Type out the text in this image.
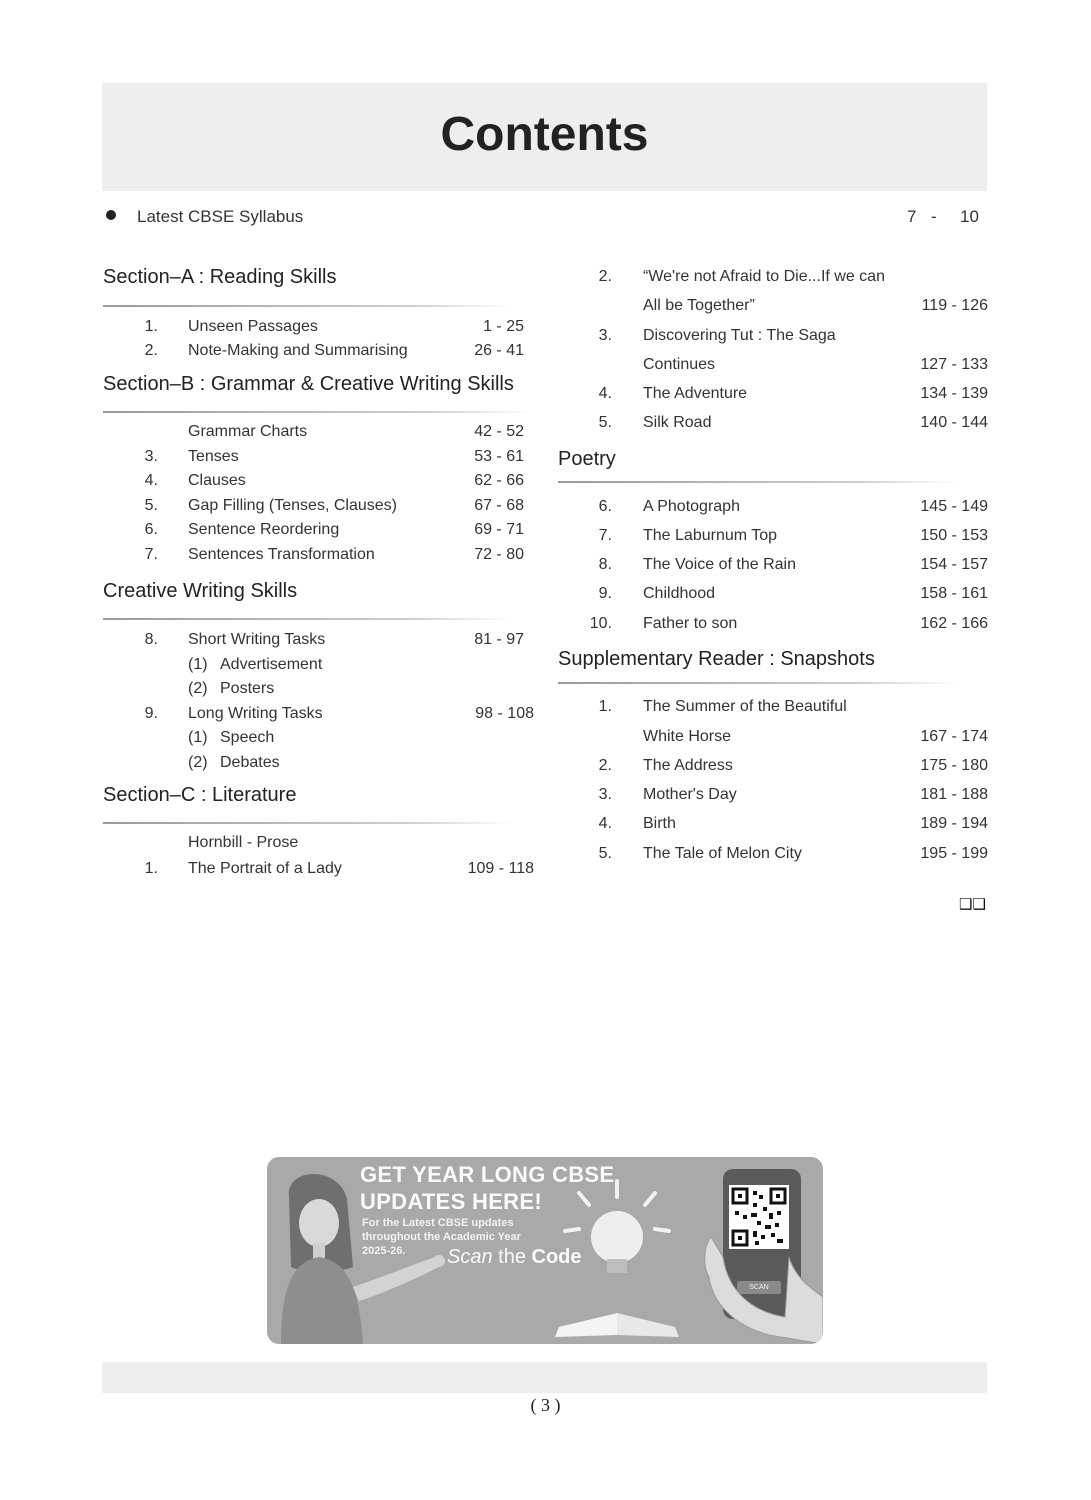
Contents
Latest CBSE Syllabus	7 - 10
Section–A : Reading Skills
1. Unseen Passages	1 - 25
2. Note-Making and Summarising	26 - 41
Section–B : Grammar & Creative Writing Skills
Grammar Charts	42 - 52
3. Tenses	53 - 61
4. Clauses	62 - 66
5. Gap Filling (Tenses, Clauses)	67 - 68
6. Sentence Reordering	69 - 71
7. Sentences Transformation	72 - 80
Creative Writing Skills
8. Short Writing Tasks	81 - 97
(1) Advertisement
(2) Posters
9. Long Writing Tasks	98 - 108
(1) Speech
(2) Debates
Section–C : Literature
Hornbill - Prose
1. The Portrait of a Lady	109 - 118
2. “We're not Afraid to Die...If we can
All be Together”	119 - 126
3. Discovering Tut : The Saga
Continues	127 - 133
4. The Adventure	134 - 139
5. Silk Road	140 - 144
Poetry
6. A Photograph	145 - 149
7. The Laburnum Top	150 - 153
8. The Voice of the Rain	154 - 157
9. Childhood	158 - 161
10. Father to son	162 - 166
Supplementary Reader : Snapshots
1. The Summer of the Beautiful
White Horse	167 - 174
2. The Address	175 - 180
3. Mother's Day	181 - 188
4. Birth	189 - 194
5. The Tale of Melon City	195 - 199
❑❑
GET YEAR LONG CBSE
UPDATES HERE!
For the Latest CBSE updates
throughout the Academic Year
2025-26.	Scan the Code
SCAN
( 3 )
